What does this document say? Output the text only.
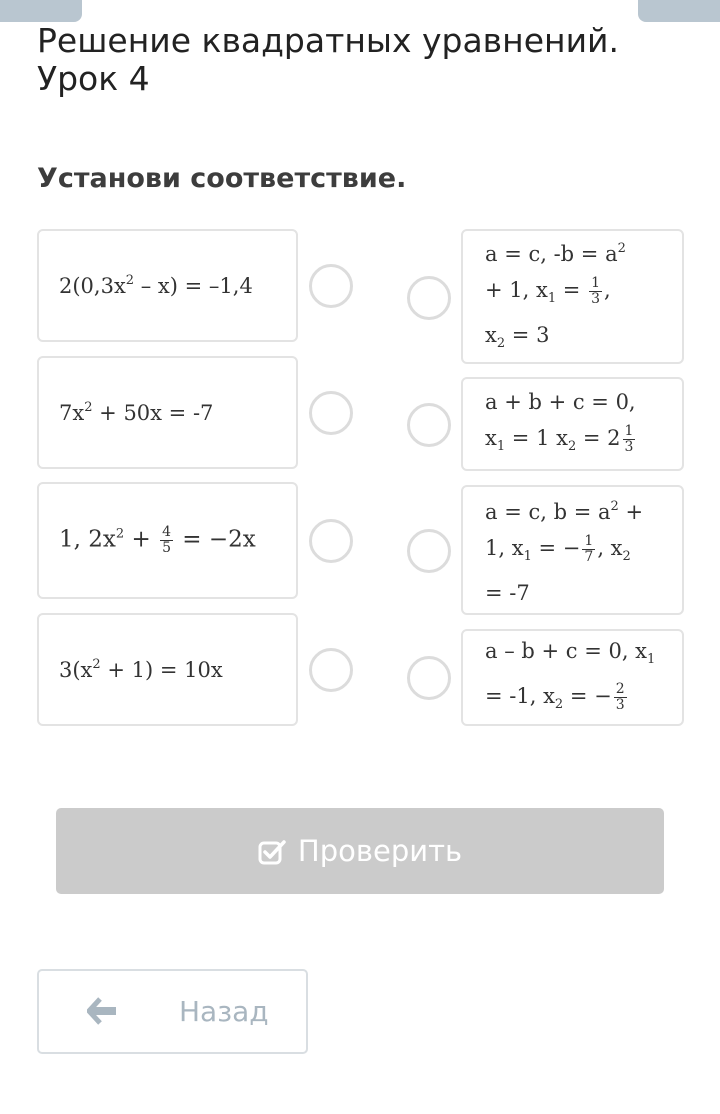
Решение квадратных уравнений. Урок 4
Установи соответствие.
$2(0,3x^2 - x) = -1,4$
$7x^2 + 50x = -7$
1, $2x^2 + \frac{4}{5} = -2x$
$3(x^2 + 1) = 10x$
a = c, $-b = a^2$
+ 1, $x_1 = \frac{1}{3}$ ,
$x_2 = 3$
a + b + c = 0,
$x_1 = 1$ $x_2 = 2 \frac{1}{3}$
a = c, $b = a^2$ +
1, $x_1$ = − $\frac{1}{7}$ , $x_2$
= -7
a – b + c = 0, $x_1$
= -1, $x_2$ = − $\frac{2}{3}$
Проверить
Назад
